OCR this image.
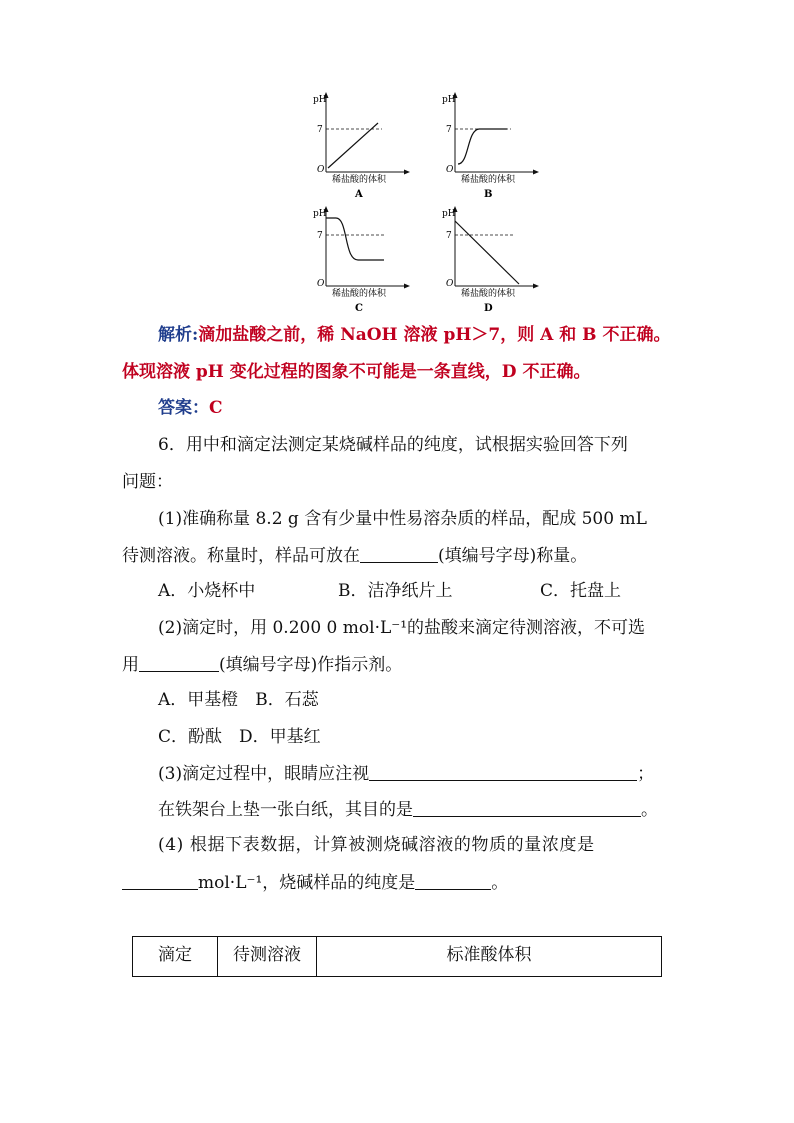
pH
7
O
稀盐酸的体积
A
pH
7
O
稀盐酸的体积
B
pH
7
O
稀盐酸的体积
C
pH
7
O
稀盐酸的体积
D
解析:滴加盐酸之前，稀 NaOH 溶液 pH＞7，则 A 和 B 不正确。
体现溶液 pH 变化过程的图象不可能是一条直线，D 不正确。
答案：C
6．用中和滴定法测定某烧碱样品的纯度，试根据实验回答下列
问题：
(1)准确称量 8.2 g 含有少量中性易溶杂质的样品，配成 500 mL
待测溶液。称量时，样品可放在	(填编号字母)称量。
A．小烧杯中	B．洁净纸片上	C．托盘上
(2)滴定时，用 0.200 0 mol·L⁻¹的盐酸来滴定待测溶液，不可选
用	(填编号字母)作指示剂。
A．甲基橙　B．石蕊
C．酚酞　D．甲基红
(3)滴定过程中，眼睛应注视	；
在铁架台上垫一张白纸，其目的是	。
(4) 根据下表数据，计算被测烧碱溶液的物质的量浓度是
mol·L⁻¹，烧碱样品的纯度是	。
滴定	待测溶液	标准酸体积
